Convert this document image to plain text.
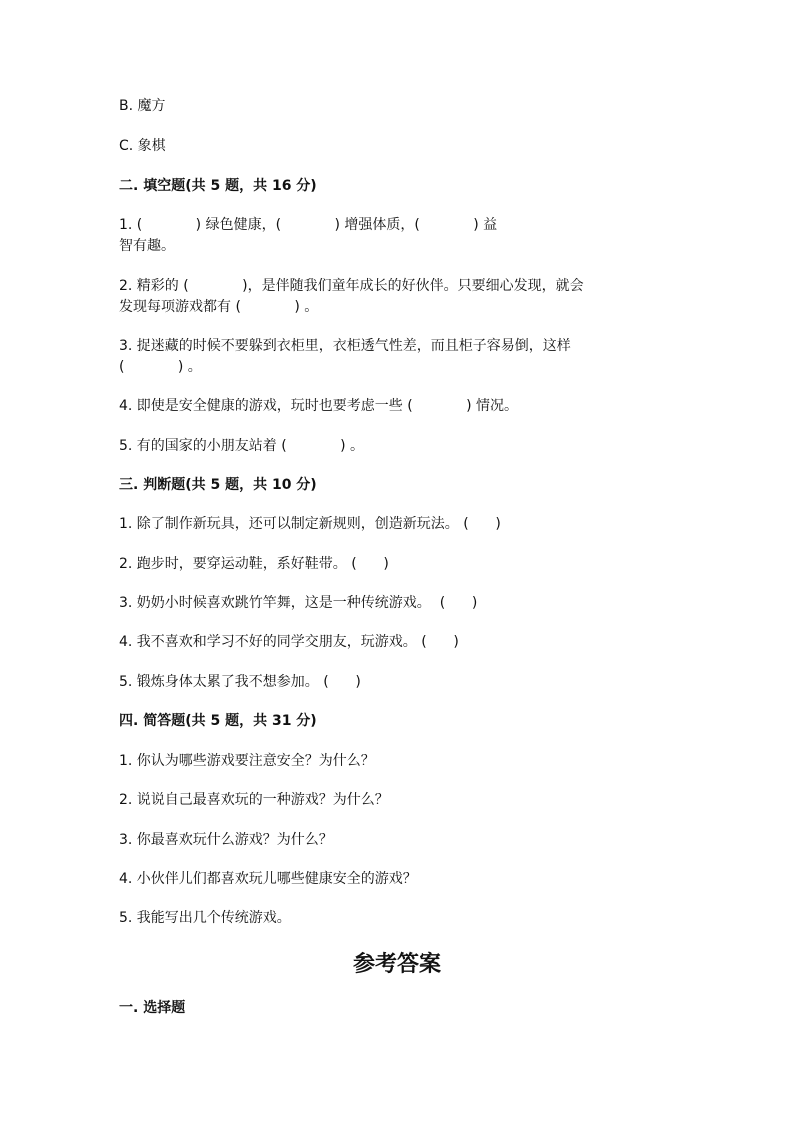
B. 魔方
C. 象棋
二. 填空题(共 5 题，共 16 分)
1. (            ) 绿色健康，(            ) 增强体质，(            ) 益
智有趣。
2. 精彩的 (            )，是伴随我们童年成长的好伙伴。只要细心发现，就会
发现每项游戏都有 (            ) 。
3. 捉迷藏的时候不要躲到衣柜里，衣柜透气性差，而且柜子容易倒，这样
(            ) 。
4. 即使是安全健康的游戏，玩时也要考虑一些 (            ) 情况。
5. 有的国家的小朋友站着 (            ) 。
三. 判断题(共 5 题，共 10 分)
1. 除了制作新玩具，还可以制定新规则，创造新玩法。 (      )
2. 跑步时，要穿运动鞋，系好鞋带。 (      )
3. 奶奶小时候喜欢跳竹竿舞，这是一种传统游戏。  (      )
4. 我不喜欢和学习不好的同学交朋友，玩游戏。 (      )
5. 锻炼身体太累了我不想参加。 (      )
四. 简答题(共 5 题，共 31 分)
1. 你认为哪些游戏要注意安全？为什么？
2. 说说自己最喜欢玩的一种游戏？为什么？
3. 你最喜欢玩什么游戏？为什么？
4. 小伙伴儿们都喜欢玩儿哪些健康安全的游戏？
5. 我能写出几个传统游戏。
参考答案
一. 选择题
